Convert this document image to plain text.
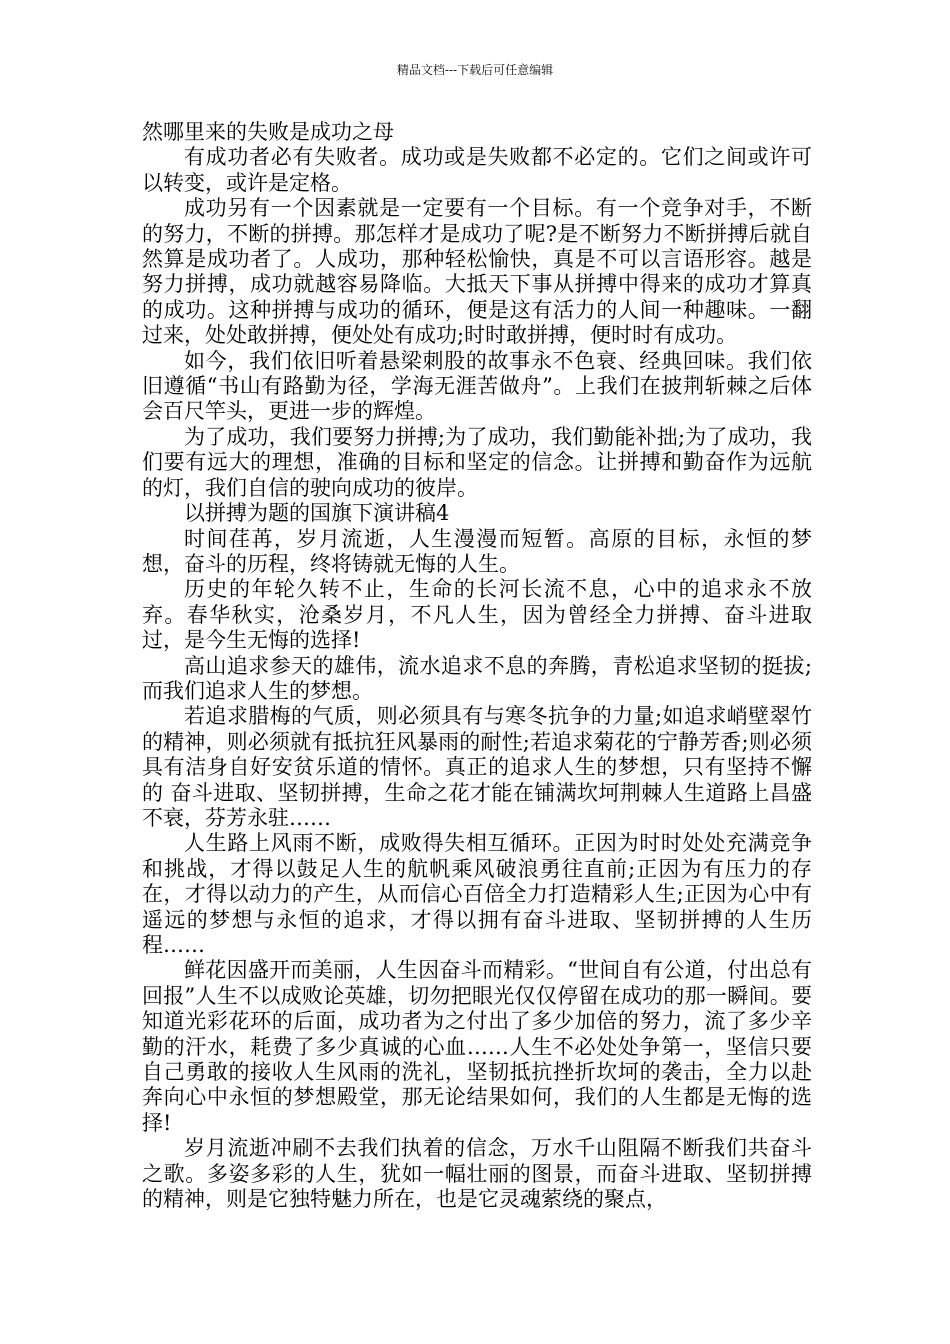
精品文档---下载后可任意编辑

然哪里来的失败是成功之母

有成功者必有失败者。成功或是失败都不必定的。它们之间或许可以转变，或许是定格。

成功另有一个因素就是一定要有一个目标。有一个竞争对手，不断的努力，不断的拼搏。那怎样才是成功了呢?是不断努力不断拼搏后就自然算是成功者了。人成功，那种轻松愉快，真是不可以言语形容。越是努力拼搏，成功就越容易降临。大抵天下事从拼搏中得来的成功才算真的成功。这种拼搏与成功的循环，便是这有活力的人间一种趣味。一翻过来，处处敢拼搏，便处处有成功;时时敢拼搏，便时时有成功。

如今，我们依旧听着悬梁刺股的故事永不色衰、经典回味。我们依旧遵循“书山有路勤为径，学海无涯苦做舟”。上我们在披荆斩棘之后体会百尺竿头，更进一步的辉煌。

为了成功，我们要努力拼搏;为了成功，我们勤能补拙;为了成功，我们要有远大的理想，准确的目标和坚定的信念。让拼搏和勤奋作为远航的灯，我们自信的驶向成功的彼岸。

以拼搏为题的国旗下演讲稿4

时间荏苒，岁月流逝，人生漫漫而短暂。高原的目标，永恒的梦想，奋斗的历程，终将铸就无悔的人生。

历史的年轮久转不止，生命的长河长流不息，心中的追求永不放弃。春华秋实，沧桑岁月，不凡人生，因为曾经全力拼搏、奋斗进取过，是今生无悔的选择!

高山追求参天的雄伟，流水追求不息的奔腾，青松追求坚韧的挺拔;而我们追求人生的梦想。

若追求腊梅的气质，则必须具有与寒冬抗争的力量;如追求峭壁翠竹的精神，则必须就有抵抗狂风暴雨的耐性;若追求菊花的宁静芳香;则必须具有洁身自好安贫乐道的情怀。真正的追求人生的梦想，只有坚持不懈的 奋斗进取、坚韧拼搏，生命之花才能在铺满坎坷荆棘人生道路上昌盛不衰，芬芳永驻……

人生路上风雨不断，成败得失相互循环。正因为时时处处充满竞争和挑战，才得以鼓足人生的航帆乘风破浪勇往直前;正因为有压力的存在，才得以动力的产生，从而信心百倍全力打造精彩人生;正因为心中有遥远的梦想与永恒的追求，才得以拥有奋斗进取、坚韧拼搏的人生历程……

鲜花因盛开而美丽，人生因奋斗而精彩。“世间自有公道，付出总有回报”人生不以成败论英雄，切勿把眼光仅仅停留在成功的那一瞬间。要知道光彩花环的后面，成功者为之付出了多少加倍的努力，流了多少辛勤的汗水，耗费了多少真诚的心血……人生不必处处争第一，坚信只要自己勇敢的接收人生风雨的洗礼，坚韧抵抗挫折坎坷的袭击，全力以赴奔向心中永恒的梦想殿堂，那无论结果如何，我们的人生都是无悔的选择!

岁月流逝冲刷不去我们执着的信念，万水千山阻隔不断我们共奋斗之歌。多姿多彩的人生，犹如一幅壮丽的图景，而奋斗进取、坚韧拼搏的精神，则是它独特魅力所在，也是它灵魂萦绕的聚点，
